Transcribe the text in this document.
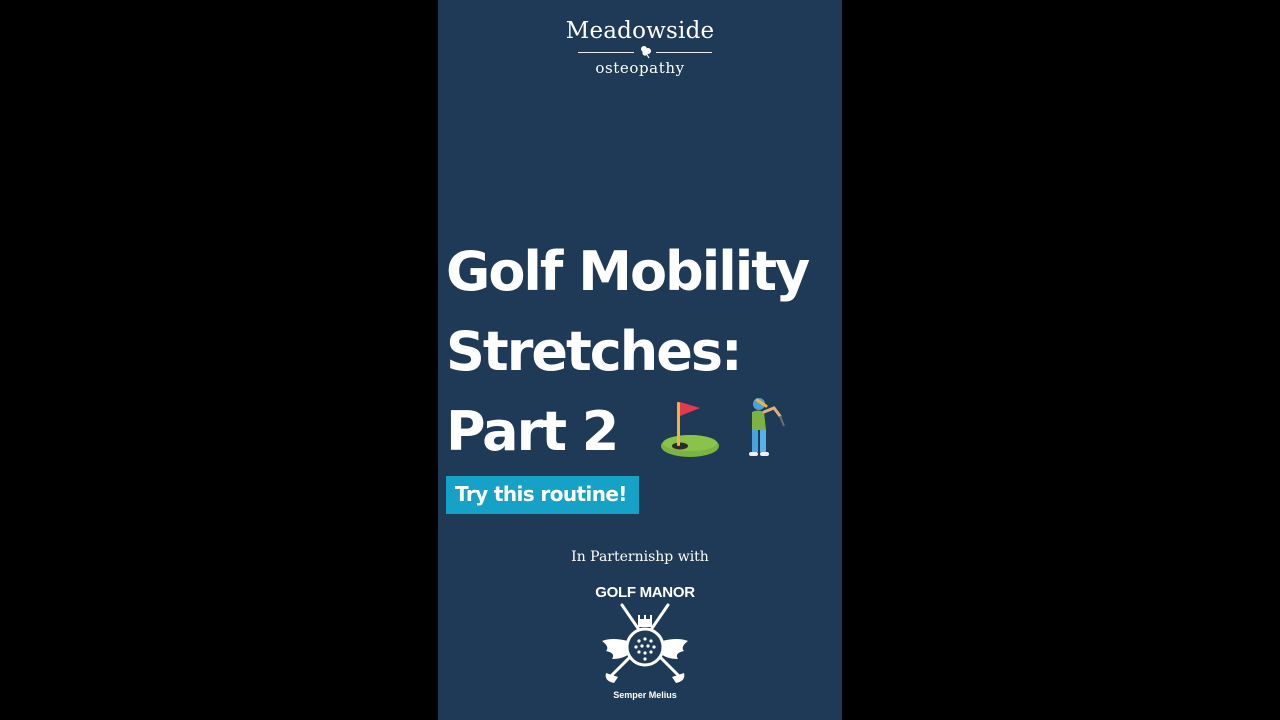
Meadowside
osteopathy
Golf Mobility
Stretches:
Part 2
Try this routine!
In Parternishp with
GOLF MANOR
Semper Melius
